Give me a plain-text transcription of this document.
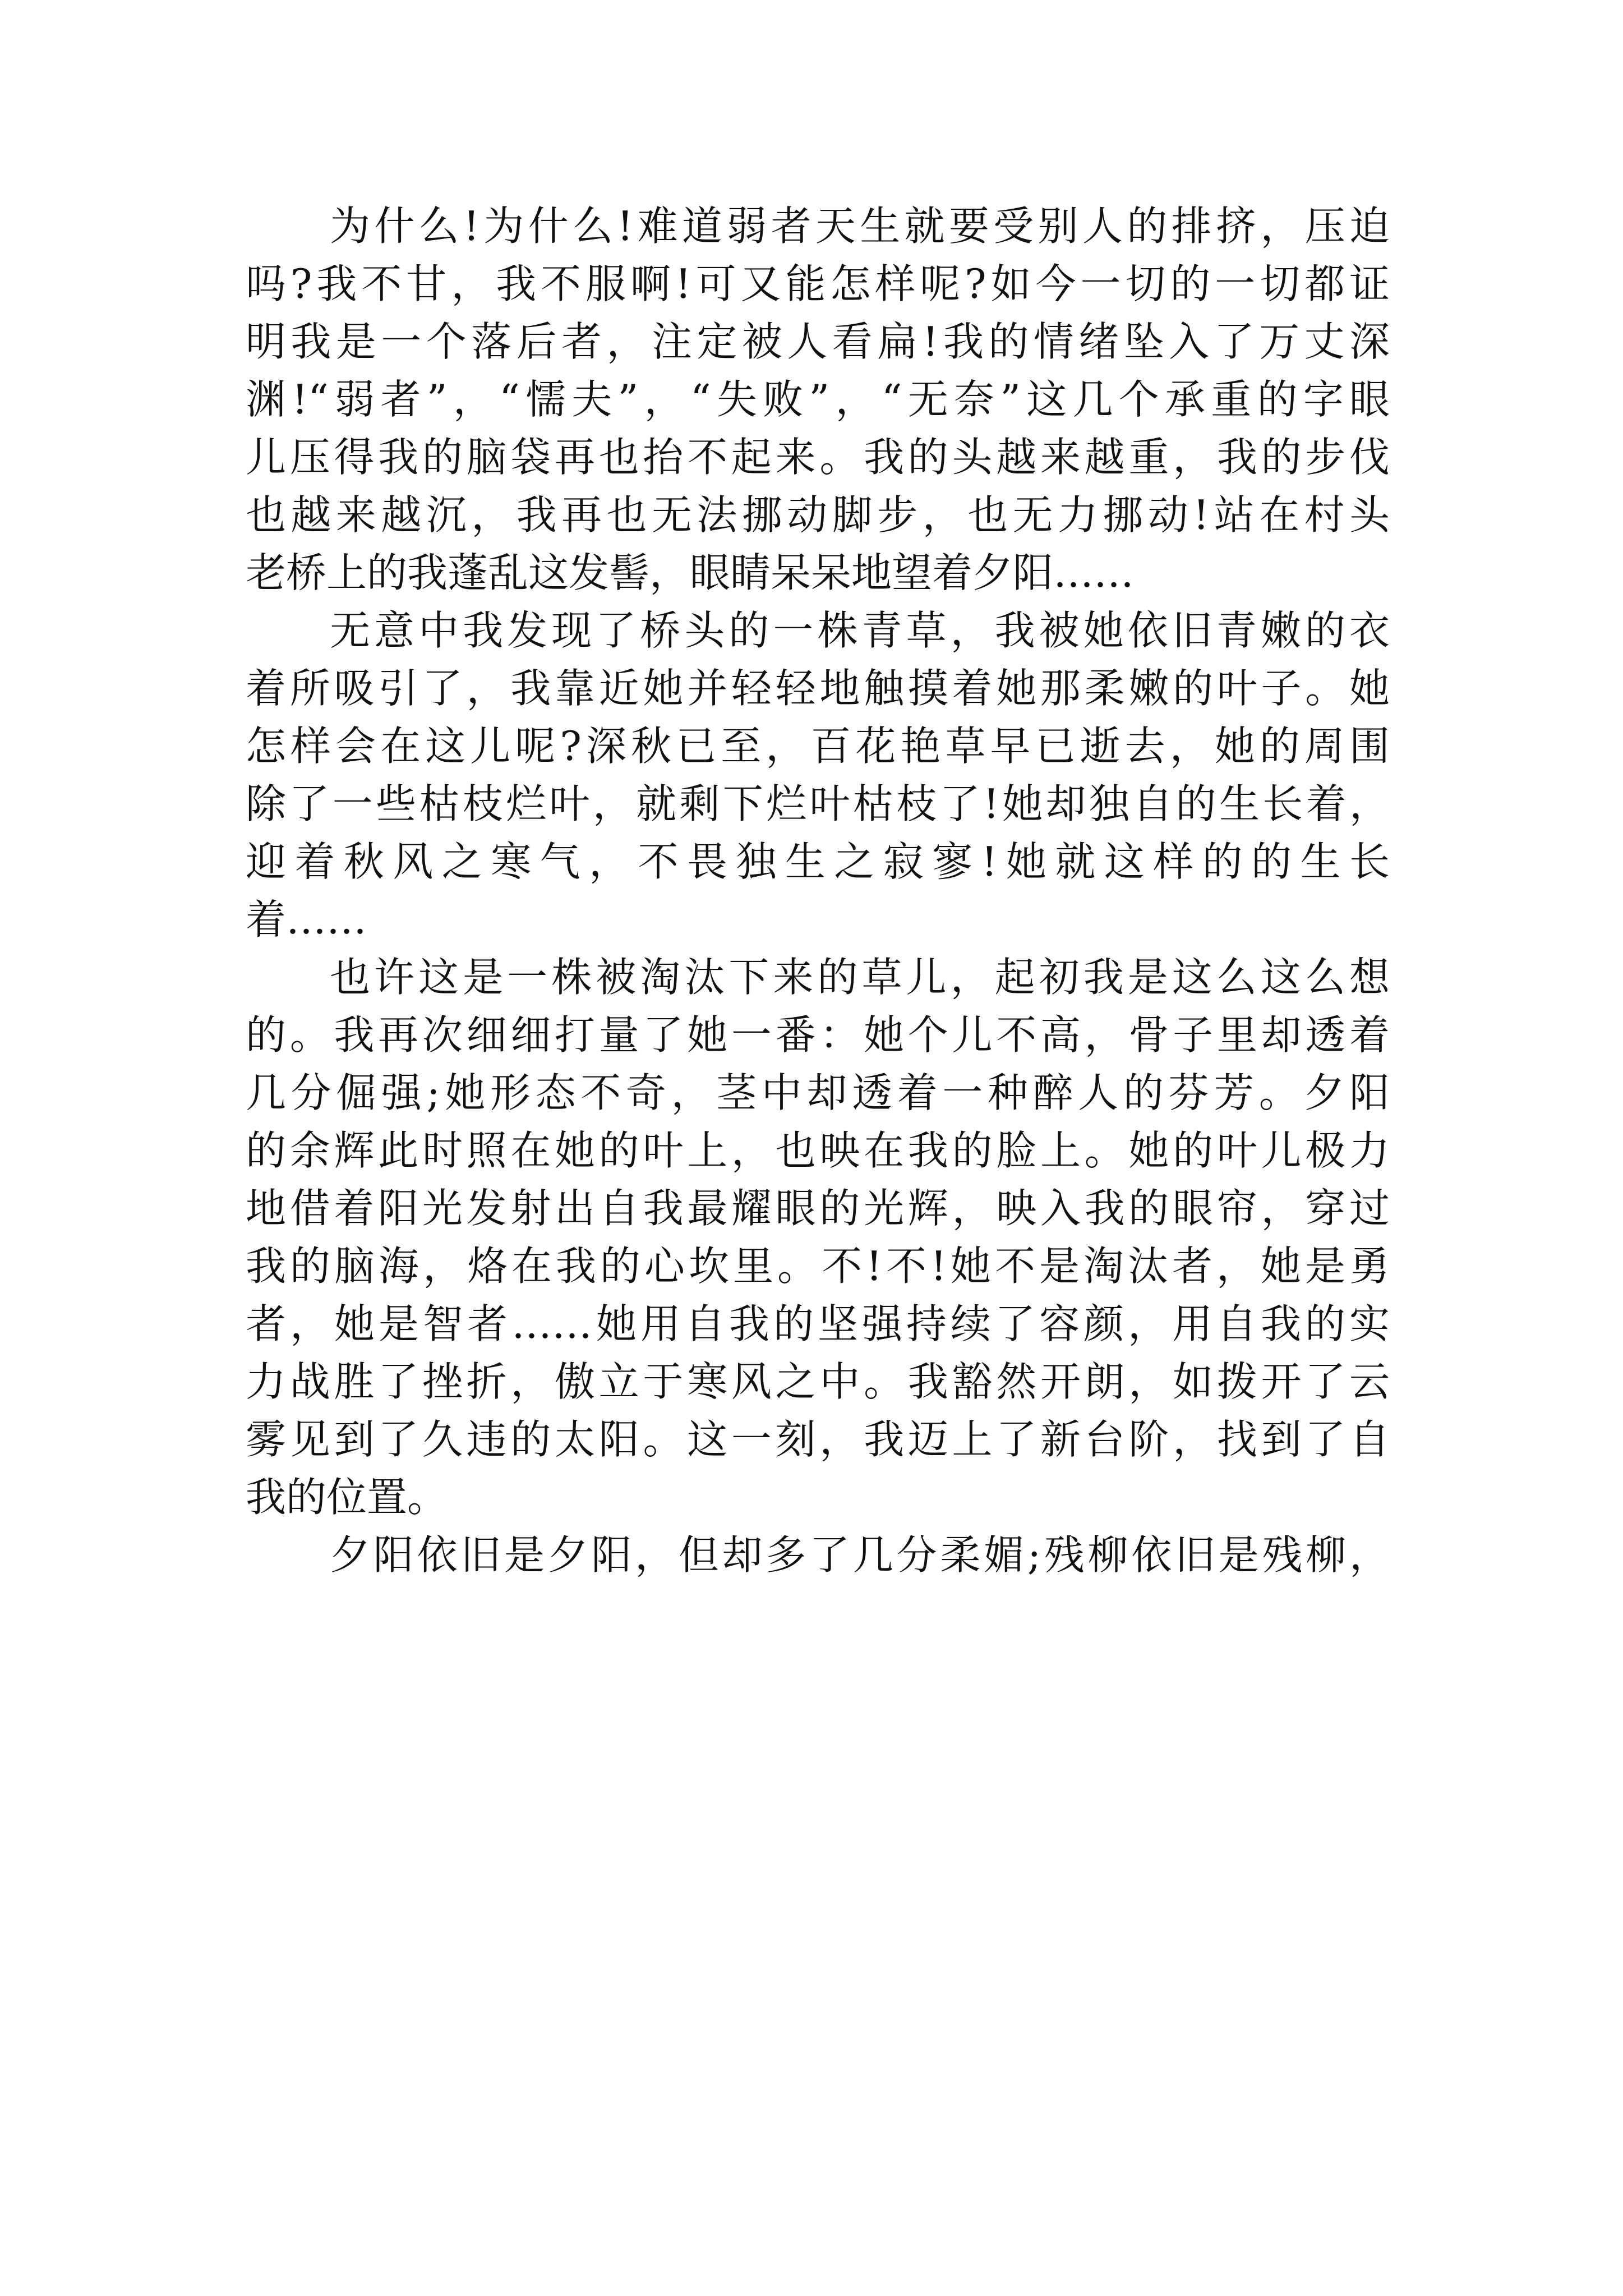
为什么!为什么!难道弱者天生就要受别人的排挤，压迫
吗?我不甘，我不服啊!可又能怎样呢?如今一切的一切都证
明我是一个落后者，注定被人看扁!我的情绪坠入了万丈深
渊!“弱者”，“懦夫”，“失败”，“无奈”这几个承重的字眼
儿压得我的脑袋再也抬不起来。我的头越来越重，我的步伐
也越来越沉，我再也无法挪动脚步，也无力挪动!站在村头
老桥上的我蓬乱这发髻，眼睛呆呆地望着夕阳……
无意中我发现了桥头的一株青草，我被她依旧青嫩的衣
着所吸引了，我靠近她并轻轻地触摸着她那柔嫩的叶子。她
怎样会在这儿呢?深秋已至，百花艳草早已逝去，她的周围
除了一些枯枝烂叶，就剩下烂叶枯枝了!她却独自的生长着，
迎着秋风之寒气，不畏独生之寂寥!她就这样的的生长
着……
也许这是一株被淘汰下来的草儿，起初我是这么这么想
的。我再次细细打量了她一番：她个儿不高，骨子里却透着
几分倔强;她形态不奇，茎中却透着一种醉人的芬芳。夕阳
的余辉此时照在她的叶上，也映在我的脸上。她的叶儿极力
地借着阳光发射出自我最耀眼的光辉，映入我的眼帘，穿过
我的脑海，烙在我的心坎里。不!不!她不是淘汰者，她是勇
者，她是智者……她用自我的坚强持续了容颜，用自我的实
力战胜了挫折，傲立于寒风之中。我豁然开朗，如拨开了云
雾见到了久违的太阳。这一刻，我迈上了新台阶，找到了自
我的位置。
夕阳依旧是夕阳，但却多了几分柔媚;残柳依旧是残柳，
